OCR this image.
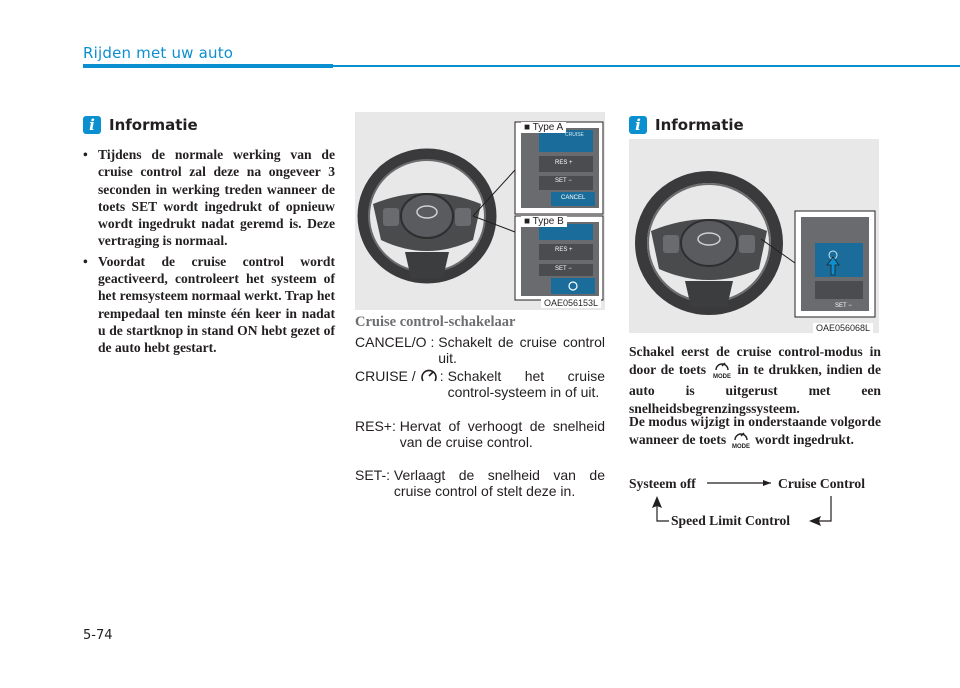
Rijden met uw auto
i Informatie
• Tijdens de normale werking van de cruise control zal deze na ongeveer 3 seconden in werking treden wanneer de toets SET wordt ingedrukt of opnieuw wordt ingedrukt nadat geremd is. Deze vertraging is normaal.
• Voordat de cruise control wordt geactiveerd, controleert het systeem of het remsysteem normaal werkt. Trap het rempedaal ten minste één keer in nadat u de startknop in stand ON hebt gezet of de auto hebt gestart.
■ Type A
CRUISE
RES +
SET −
CANCEL
■ Type B
RES +
SET −
OAE056153L
Cruise control-schakelaar
CANCEL/O :
Schakelt de cruise control uit.
CRUISE / : Schakelt het cruise control-systeem in of uit.
RES+:
Hervat of verhoogt de snelheid van de cruise control.
SET-:
Verlaagt de snelheid van de cruise control of stelt deze in.
i Informatie
SET −
OAE056068L
Schakel eerst de cruise control-modus in door de toets MODE in te drukken, indien de auto is uitgerust met een snelheidsbegrenzingssysteem.
De modus wijzigt in onderstaande volgorde wanneer de toets MODE wordt ingedrukt.
Systeem off	Cruise Control
Speed Limit Control
5-74
